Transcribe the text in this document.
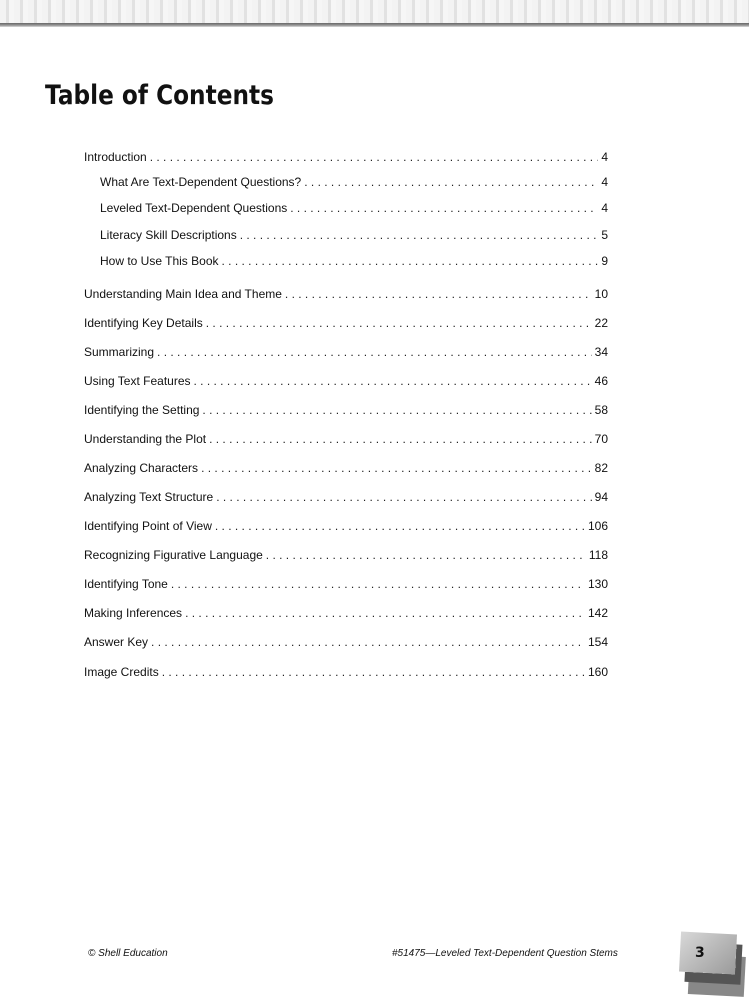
Table of Contents
Introduction . . .	4
What Are Text-Dependent Questions? . . .	4
Leveled Text-Dependent Questions . . .	4
Literacy Skill Descriptions . . .	5
How to Use This Book . . .	9
Understanding Main Idea and Theme . . .	10
Identifying Key Details . . .	22
Summarizing . . .	34
Using Text Features . . .	46
Identifying the Setting . . .	58
Understanding the Plot . . .	70
Analyzing Characters . . .	82
Analyzing Text Structure . . .	94
Identifying Point of View . . .	106
Recognizing Figurative Language . . .	118
Identifying Tone . . .	130
Making Inferences . . .	142
Answer Key . . .	154
Image Credits . . .	160
© Shell Education	#51475—Leveled Text-Dependent Question Stems	3
